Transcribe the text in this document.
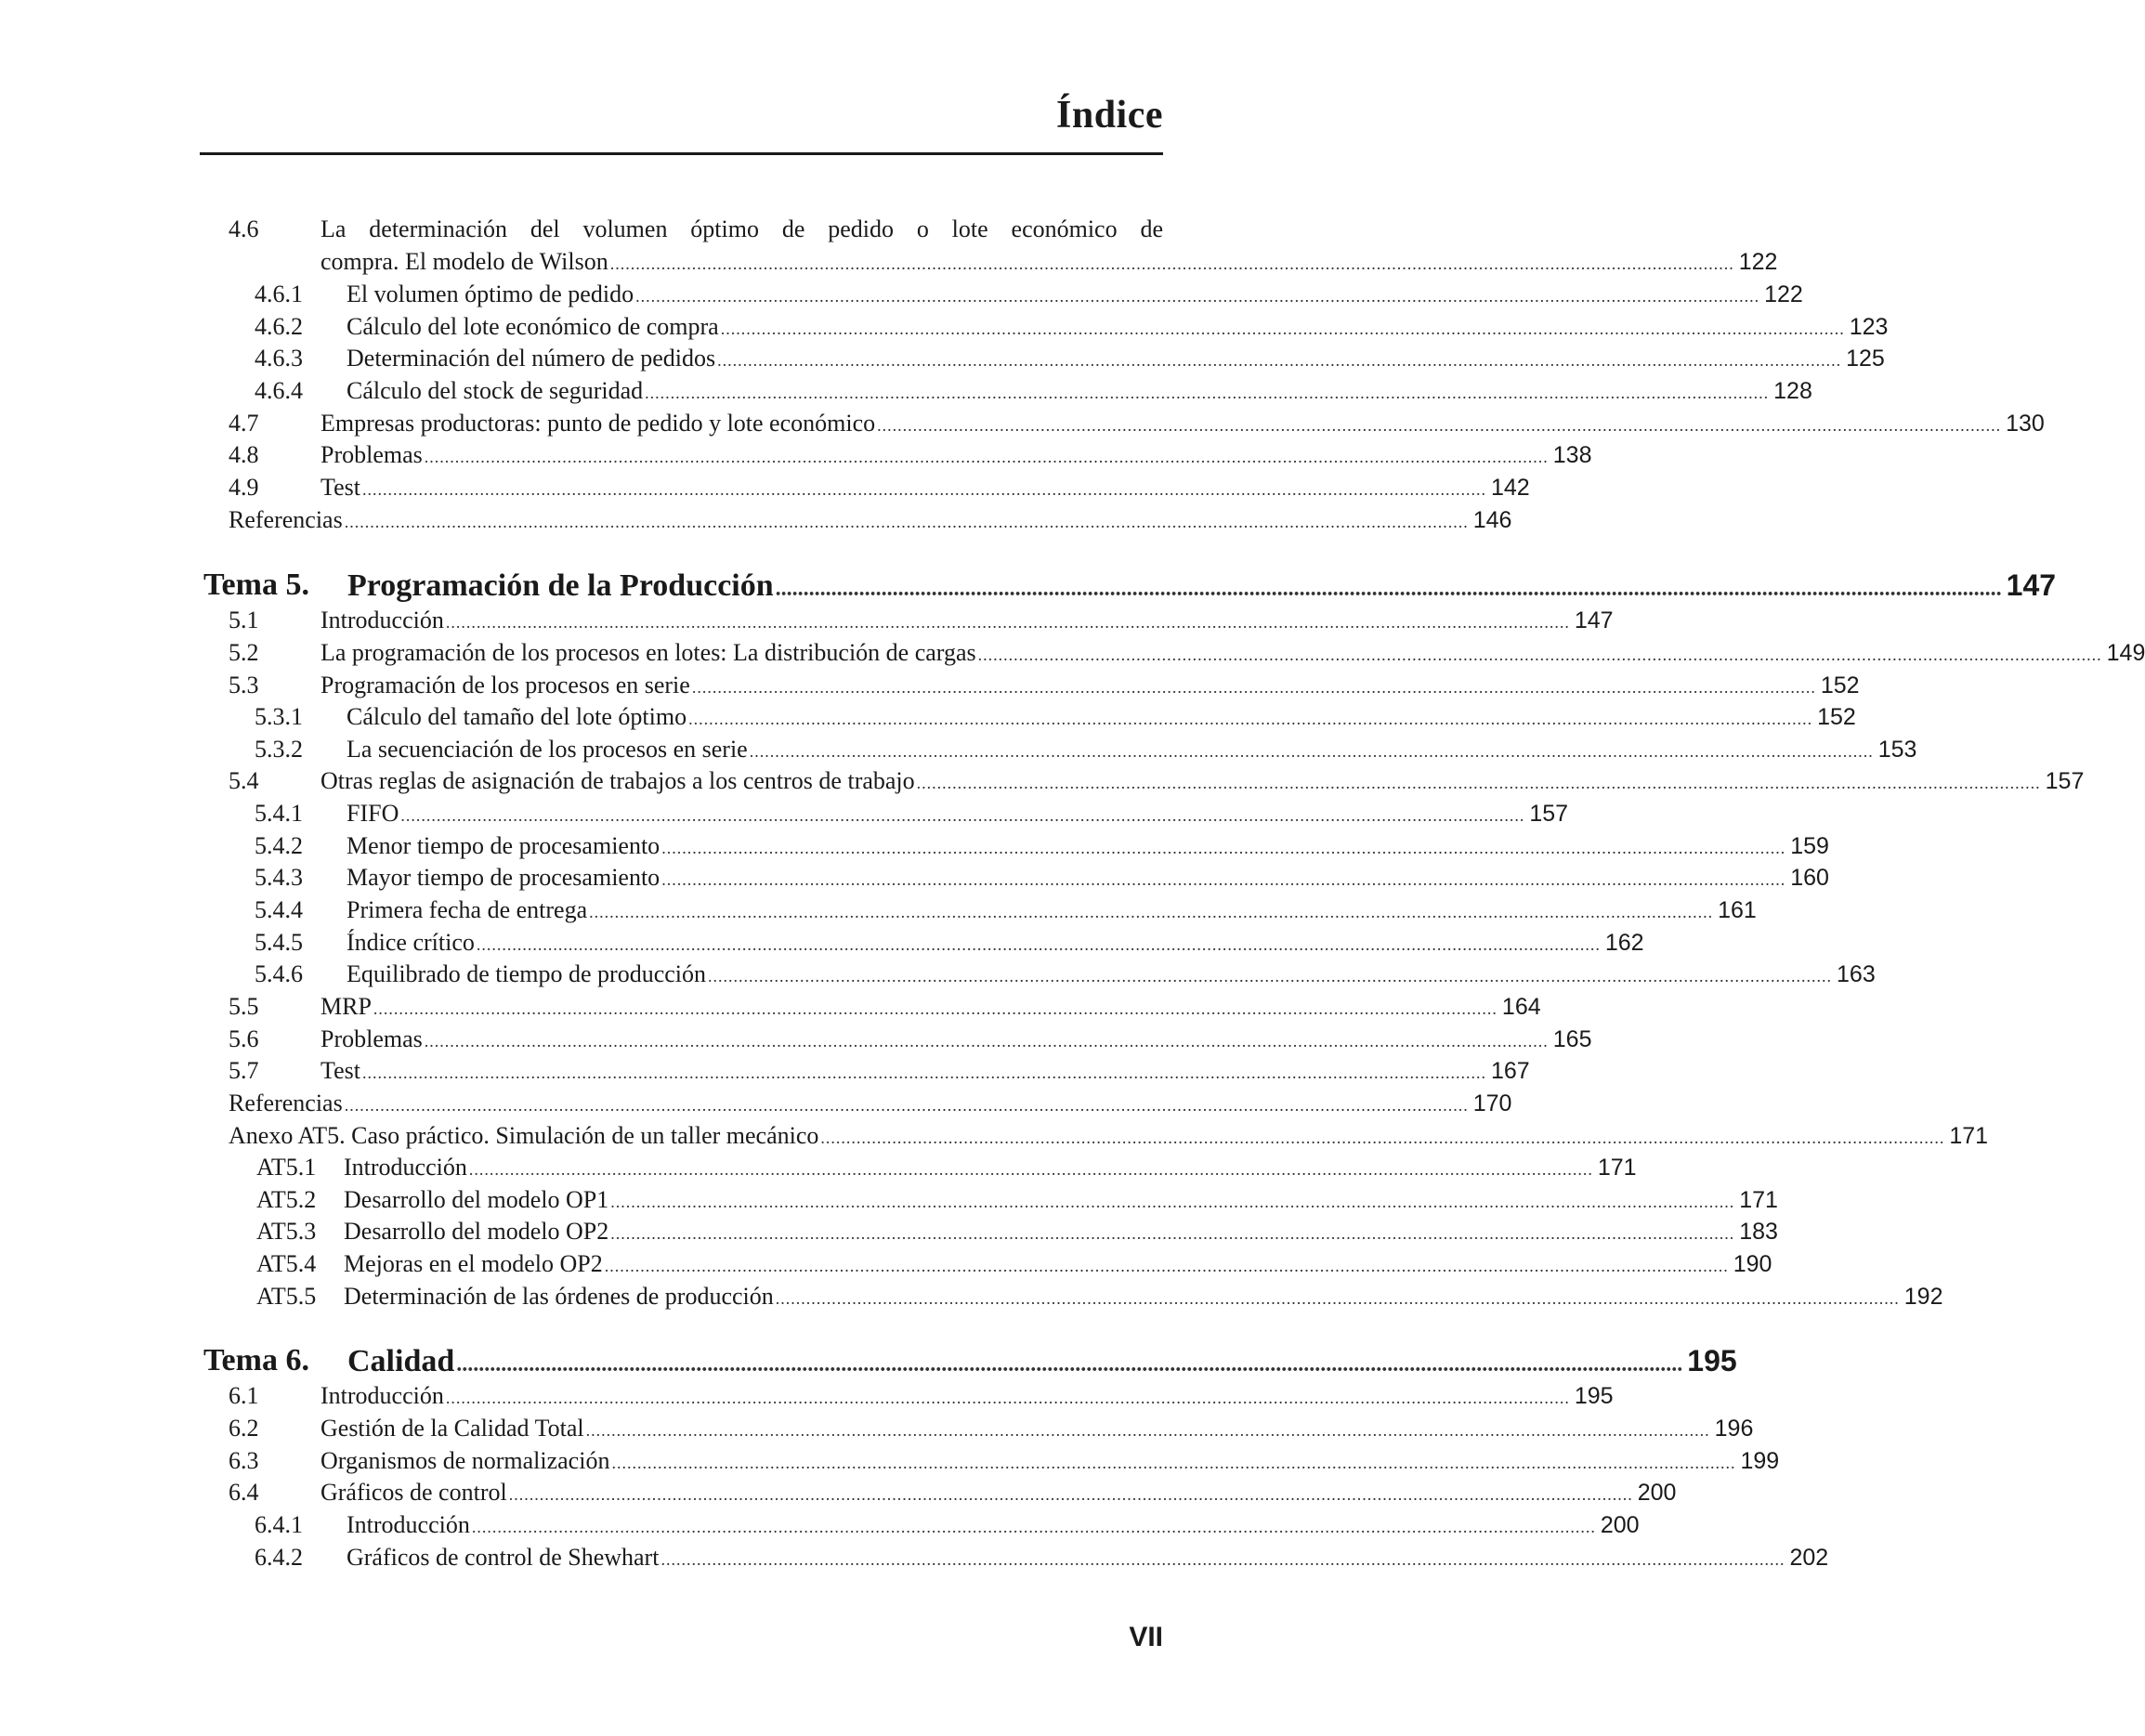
Índice
4.6	La determinación del volumen óptimo de pedido o lote económico de
compra. El modelo de Wilson ............................................................................................................................................................................................................................ 122
4.6.1 El volumen óptimo de pedido ............................................................................................................................................................................................................................ 122
4.6.2 Cálculo del lote económico de compra ............................................................................................................................................................................................................................ 123
4.6.3 Determinación del número de pedidos ............................................................................................................................................................................................................................ 125
4.6.4 Cálculo del stock de seguridad ............................................................................................................................................................................................................................ 128
4.7	Empresas productoras: punto de pedido y lote económico ............................................................................................................................................................................................................................ 130
4.8	Problemas ............................................................................................................................................................................................................................ 138
4.9	Test ............................................................................................................................................................................................................................ 142
Referencias ............................................................................................................................................................................................................................ 146
Tema 5. Programación de la Producción ............................................................................................................................................................................................................................ 147
5.1	Introducción ............................................................................................................................................................................................................................ 147
5.2	La programación de los procesos en lotes: La distribución de cargas ............................................................................................................................................................................................................................ 149
5.3	Programación de los procesos en serie ............................................................................................................................................................................................................................ 152
5.3.1 Cálculo del tamaño del lote óptimo ............................................................................................................................................................................................................................ 152
5.3.2 La secuenciación de los procesos en serie ............................................................................................................................................................................................................................ 153
5.4	Otras reglas de asignación de trabajos a los centros de trabajo ............................................................................................................................................................................................................................ 157
5.4.1 FIFO ............................................................................................................................................................................................................................ 157
5.4.2 Menor tiempo de procesamiento ............................................................................................................................................................................................................................ 159
5.4.3 Mayor tiempo de procesamiento ............................................................................................................................................................................................................................ 160
5.4.4 Primera fecha de entrega ............................................................................................................................................................................................................................ 161
5.4.5 Índice crítico ............................................................................................................................................................................................................................ 162
5.4.6 Equilibrado de tiempo de producción ............................................................................................................................................................................................................................ 163
5.5	MRP ............................................................................................................................................................................................................................ 164
5.6	Problemas ............................................................................................................................................................................................................................ 165
5.7	Test ............................................................................................................................................................................................................................ 167
Referencias ............................................................................................................................................................................................................................ 170
Anexo AT5. Caso práctico. Simulación de un taller mecánico ............................................................................................................................................................................................................................ 171
AT5.1 Introducción ............................................................................................................................................................................................................................ 171
AT5.2 Desarrollo del modelo OP1 ............................................................................................................................................................................................................................ 171
AT5.3 Desarrollo del modelo OP2 ............................................................................................................................................................................................................................ 183
AT5.4 Mejoras en el modelo OP2 ............................................................................................................................................................................................................................ 190
AT5.5 Determinación de las órdenes de producción ............................................................................................................................................................................................................................ 192
Tema 6. Calidad ............................................................................................................................................................................................................................ 195
6.1	Introducción ............................................................................................................................................................................................................................ 195
6.2	Gestión de la Calidad Total ............................................................................................................................................................................................................................ 196
6.3	Organismos de normalización ............................................................................................................................................................................................................................ 199
6.4	Gráficos de control ............................................................................................................................................................................................................................ 200
6.4.1 Introducción ............................................................................................................................................................................................................................ 200
6.4.2 Gráficos de control de Shewhart ............................................................................................................................................................................................................................ 202
VII
